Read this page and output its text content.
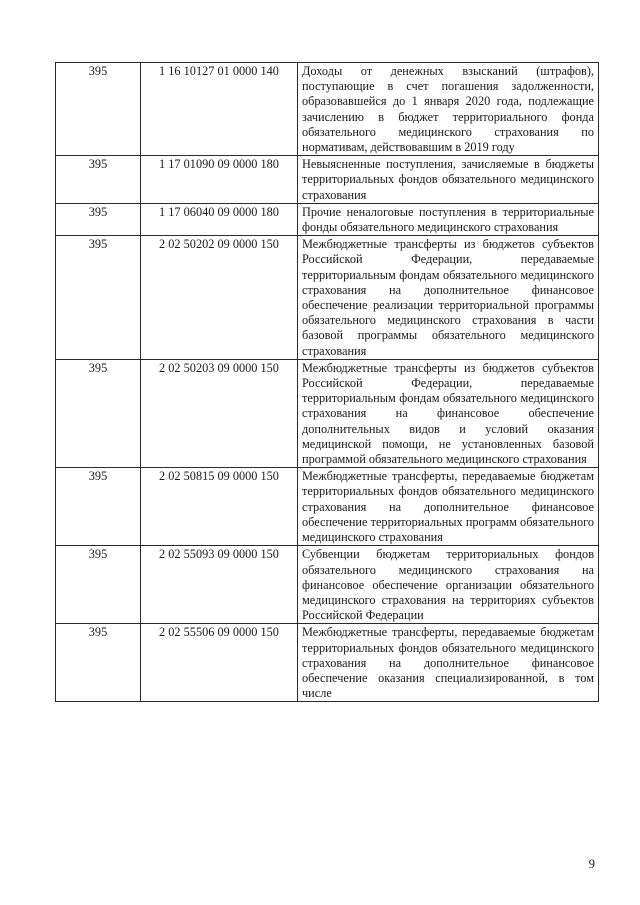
395	1 16 10127 01 0000 140	Доходы от денежных взысканий (штрафов), поступающие в счет погашения задолженности, образовавшейся до 1 января 2020 года, подлежащие зачислению в бюджет территориального фонда обязательного медицинского страхования по нормативам, действовавшим в 2019 году
395	1 17 01090 09 0000 180	Невыясненные поступления, зачисляемые в бюджеты территориальных фондов обязательного медицинского страхования
395	1 17 06040 09 0000 180	Прочие неналоговые поступления в территориальные фонды обязательного медицинского страхования
395	2 02 50202 09 0000 150	Межбюджетные трансферты из бюджетов субъектов Российской Федерации, передаваемые территориальным фондам обязательного медицинского страхования на дополнительное финансовое обеспечение реализации территориальной программы обязательного медицинского страхования в части базовой программы обязательного медицинского страхования
395	2 02 50203 09 0000 150	Межбюджетные трансферты из бюджетов субъектов Российской Федерации, передаваемые территориальным фондам обязательного медицинского страхования на финансовое обеспечение дополнительных видов и условий оказания медицинской помощи, не установленных базовой программой обязательного медицинского страхования
395	2 02 50815 09 0000 150	Межбюджетные трансферты, передаваемые бюджетам территориальных фондов обязательного медицинского страхования на дополнительное финансовое обеспечение территориальных программ обязательного медицинского страхования
395	2 02 55093 09 0000 150	Субвенции бюджетам территориальных фондов обязательного медицинского страхования на финансовое обеспечение организации обязательного медицинского страхования на территориях субъектов Российской Федерации
395	2 02 55506 09 0000 150	Межбюджетные трансферты, передаваемые бюджетам территориальных фондов обязательного медицинского страхования на дополнительное финансовое обеспечение оказания специализированной, в том числе
9
